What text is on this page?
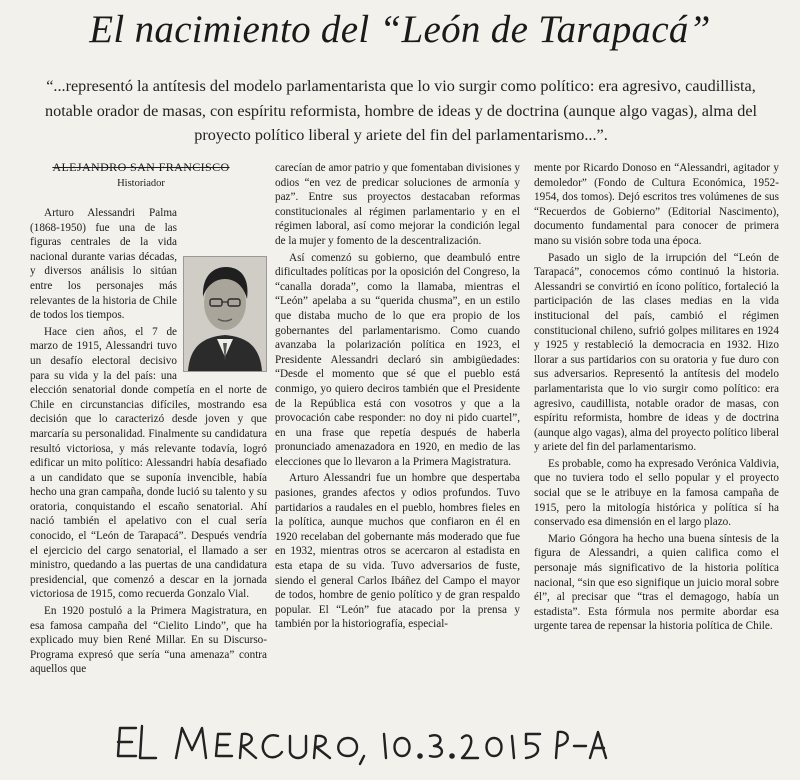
El nacimiento del “León de Tarapacá”
“...representó la antítesis del modelo parlamentarista que lo vio surgir como político: era agresivo, caudillista, notable orador de masas, con espíritu reformista, hombre de ideas y de doctrina (aunque algo vagas), alma del proyecto político liberal y ariete del fin del parlamentarismo...”.
ALEJANDRO SAN FRANCISCO
Historiador

Arturo Alessandri Palma (1868-1950) fue una de las figuras centrales de la vida nacional durante varias décadas, y diversos análisis lo sitúan entre los personajes más relevantes de la historia de Chile de todos los tiempos.

Hace cien años, el 7 de marzo de 1915, Alessandri tuvo un desafío electoral decisivo para su vida y la del país: una elección senatorial donde competía en el norte de Chile en circunstancias difíciles, mostrando esa decisión que lo caracterizó desde joven y que marcaría su personalidad. Finalmente su candidatura resultó victoriosa, y más relevante todavía, logró edificar un mito político: Alessandri había desafiado a un candidato que se suponía invencible, había hecho una gran campaña, donde lució su talento y su oratoria, conquistando el escaño senatorial. Ahí nació también el apelativo con el cual sería conocido, el “León de Tarapacá”. Después vendría el ejercicio del cargo senatorial, el llamado a ser ministro, quedando a las puertas de una candidatura presidencial, que comenzó a descar en la jornada victoriosa de 1915, como recuerda Gonzalo Vial.

En 1920 postuló a la Primera Magistratura, en esa famosa campaña del “Cielito Lindo”, que ha explicado muy bien René Millar. En su Discurso-Programa expresó que sería “una amenaza” contra aquellos que

carecían de amor patrio y que fomentaban divisiones y odios “en vez de predicar soluciones de armonía y paz”. Entre sus proyectos destacaban reformas constitucionales al régimen parlamentario y en el régimen laboral, así como mejorar la condición legal de la mujer y fomento de la descentralización.

Así comenzó su gobierno, que deambuló entre dificultades políticas por la oposición del Congreso, la “canalla dorada”, como la llamaba, mientras el “León” apelaba a su “querida chusma”, en un estilo que distaba mucho de lo que era propio de los gobernantes del parlamentarismo. Como cuando avanzaba la polarización política en 1923, el Presidente Alessandri declaró sin ambigüedades: “Desde el momento que sé que el pueblo está conmigo, yo quiero deciros también que el Presidente de la República está con vosotros y que a la provocación cabe responder: no doy ni pido cuartel”, en una frase que repetía después de haberla pronunciado amenazadora en 1920, en medio de las elecciones que lo llevaron a la Primera Magistratura.

Arturo Alessandri fue un hombre que despertaba pasiones, grandes afectos y odios profundos. Tuvo partidarios a raudales en el pueblo, hombres fieles en la política, aunque muchos que confiaron en él en 1920 recelaban del gobernante más moderado que fue en 1932, mientras otros se acercaron al estadista en esta etapa de su vida. Tuvo adversarios de fuste, siendo el general Carlos Ibáñez del Campo el mayor de todos, hombre de genio político y de gran respaldo popular. El “León” fue atacado por la prensa y también por la historiografía, especial-

mente por Ricardo Donoso en “Alessandri, agitador y demoledor” (Fondo de Cultura Económica, 1952-1954, dos tomos). Dejó escritos tres volúmenes de sus “Recuerdos de Gobierno” (Editorial Nascimento), documento fundamental para conocer de primera mano su visión sobre toda una época.

Pasado un siglo de la irrupción del “León de Tarapacá”, conocemos cómo continuó la historia. Alessandri se convirtió en ícono político, fortaleció la participación de las clases medias en la vida institucional del país, cambió el régimen constitucional chileno, sufrió golpes militares en 1924 y 1925 y restableció la democracia en 1932. Hizo llorar a sus partidarios con su oratoria y fue duro con sus adversarios. Representó la antítesis del modelo parlamentarista que lo vio surgir como político: era agresivo, caudillista, notable orador de masas, con espíritu reformista, hombre de ideas y de doctrina (aunque algo vagas), alma del proyecto político liberal y ariete del fin del parlamentarismo.

Es probable, como ha expresado Verónica Valdivia, que no tuviera todo el sello popular y el proyecto social que se le atribuye en la famosa campaña de 1915, pero la mitología histórica y política sí ha conservado esa dimensión en el largo plazo.

Mario Góngora ha hecho una buena síntesis de la figura de Alessandri, a quien califica como el personaje más significativo de la historia política nacional, “sin que eso signifique un juicio moral sobre él”, al precisar que “tras el demagogo, había un estadista”. Esta fórmula nos permite abordar esa urgente tarea de repensar la historia política de Chile.
